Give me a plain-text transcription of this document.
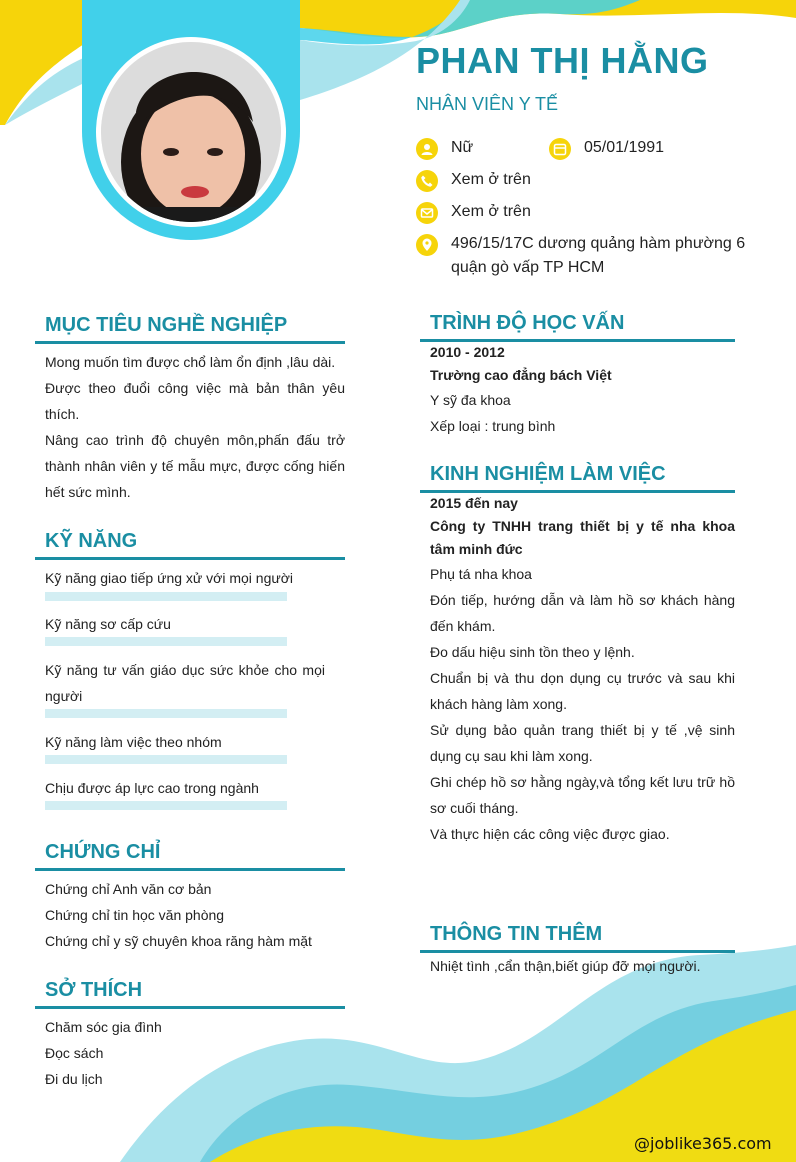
PHAN THỊ HẰNG
NHÂN VIÊN Y TẾ
Nữ	05/01/1991
Xem ở trên
Xem ở trên
496/15/17C dương quảng hàm phường 6 quận gò vấp TP HCM
MỤC TIÊU NGHỀ NGHIỆP

Mong muốn tìm được chổ làm ổn định ,lâu dài.

Được theo đuổi công việc mà bản thân yêu thích.

Nâng cao trình độ chuyên môn,phấn đấu trở thành nhân viên y tế mẫu mực, được cống hiến hết sức mình.

KỸ NĂNG
Kỹ năng giao tiếp ứng xử với mọi người
Kỹ năng sơ cấp cứu
Kỹ năng tư vấn giáo dục sức khỏe cho mọi người
Kỹ năng làm việc theo nhóm
Chịu được áp lực cao trong ngành
CHỨNG CHỈ

Chứng chỉ Anh văn cơ bản

Chứng chỉ tin học văn phòng

Chứng chỉ y sỹ chuyên khoa răng hàm mặt

SỞ THÍCH

Chăm sóc gia đình

Đọc sách

Đi du lịch

TRÌNH ĐỘ HỌC VẤN

2010 - 2012

Trường cao đẳng bách Việt

Y sỹ đa khoa

Xếp loại : trung bình

KINH NGHIỆM LÀM VIỆC

2015 đến nay

Công ty TNHH trang thiết bị y tế nha khoa tâm minh đức

Phụ tá nha khoa

Đón tiếp, hướng dẫn và làm hồ sơ khách hàng đến khám.

Đo dấu hiệu sinh tồn theo y lệnh.

Chuẩn bị và thu dọn dụng cụ trước và sau khi khách hàng làm xong.

Sử dụng bảo quản trang thiết bị y tế ,vệ sinh dụng cụ sau khi làm xong.

Ghi chép hồ sơ hằng ngày,và tổng kết lưu trữ hồ sơ cuối tháng.

Và thực hiện các công việc được giao.

THÔNG TIN THÊM
Nhiệt tình ,cẩn thận,biết giúp đỡ mọi người.
@joblike365.com
